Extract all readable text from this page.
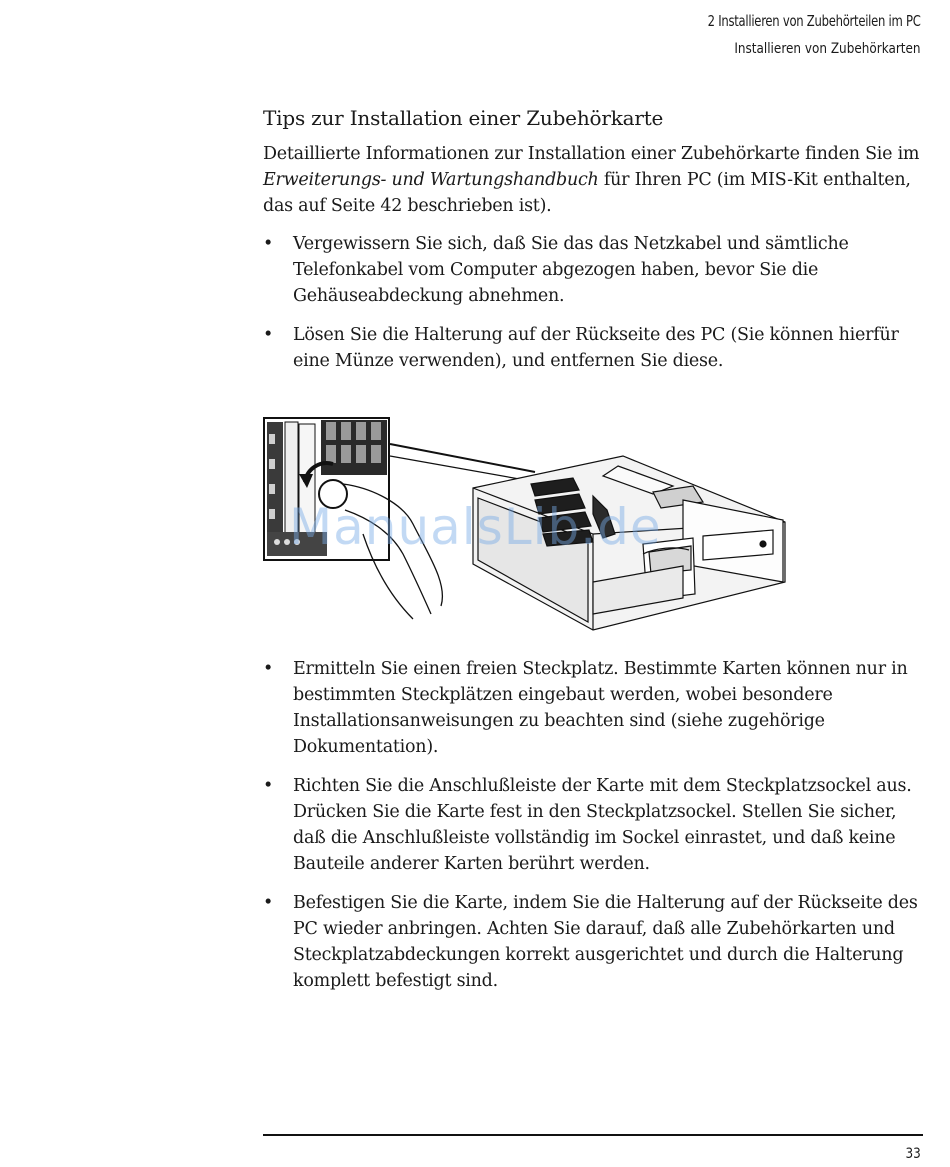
2 Installieren von Zubehörteilen im PC
Installieren von Zubehörkarten
Tips zur Installation einer Zubehörkarte

Detaillierte Informationen zur Installation einer Zubehörkarte finden Sie im Erweiterungs- und Wartungshandbuch für Ihren PC (im MIS-Kit enthalten, das auf Seite 42 beschrieben ist).

• Vergewissern Sie sich, daß Sie das das Netzkabel und sämtliche Telefonkabel vom Computer abgezogen haben, bevor Sie die Gehäuseabdeckung abnehmen.

• Lösen Sie die Halterung auf der Rückseite des PC (Sie können hierfür eine Münze verwenden), und entfernen Sie diese.

ManualsLib.de

• Ermitteln Sie einen freien Steckplatz. Bestimmte Karten können nur in bestimmten Steckplätzen eingebaut werden, wobei besondere Installationsanweisungen zu beachten sind (siehe zugehörige Dokumentation).

• Richten Sie die Anschlußleiste der Karte mit dem Steckplatzsockel aus. Drücken Sie die Karte fest in den Steckplatzsockel. Stellen Sie sicher, daß die Anschlußleiste vollständig im Sockel einrastet, und daß keine Bauteile anderer Karten berührt werden.

• Befestigen Sie die Karte, indem Sie die Halterung auf der Rückseite des PC wieder anbringen. Achten Sie darauf, daß alle Zubehörkarten und Steckplatzabdeckungen korrekt ausgerichtet und durch die Halterung komplett befestigt sind.

33
